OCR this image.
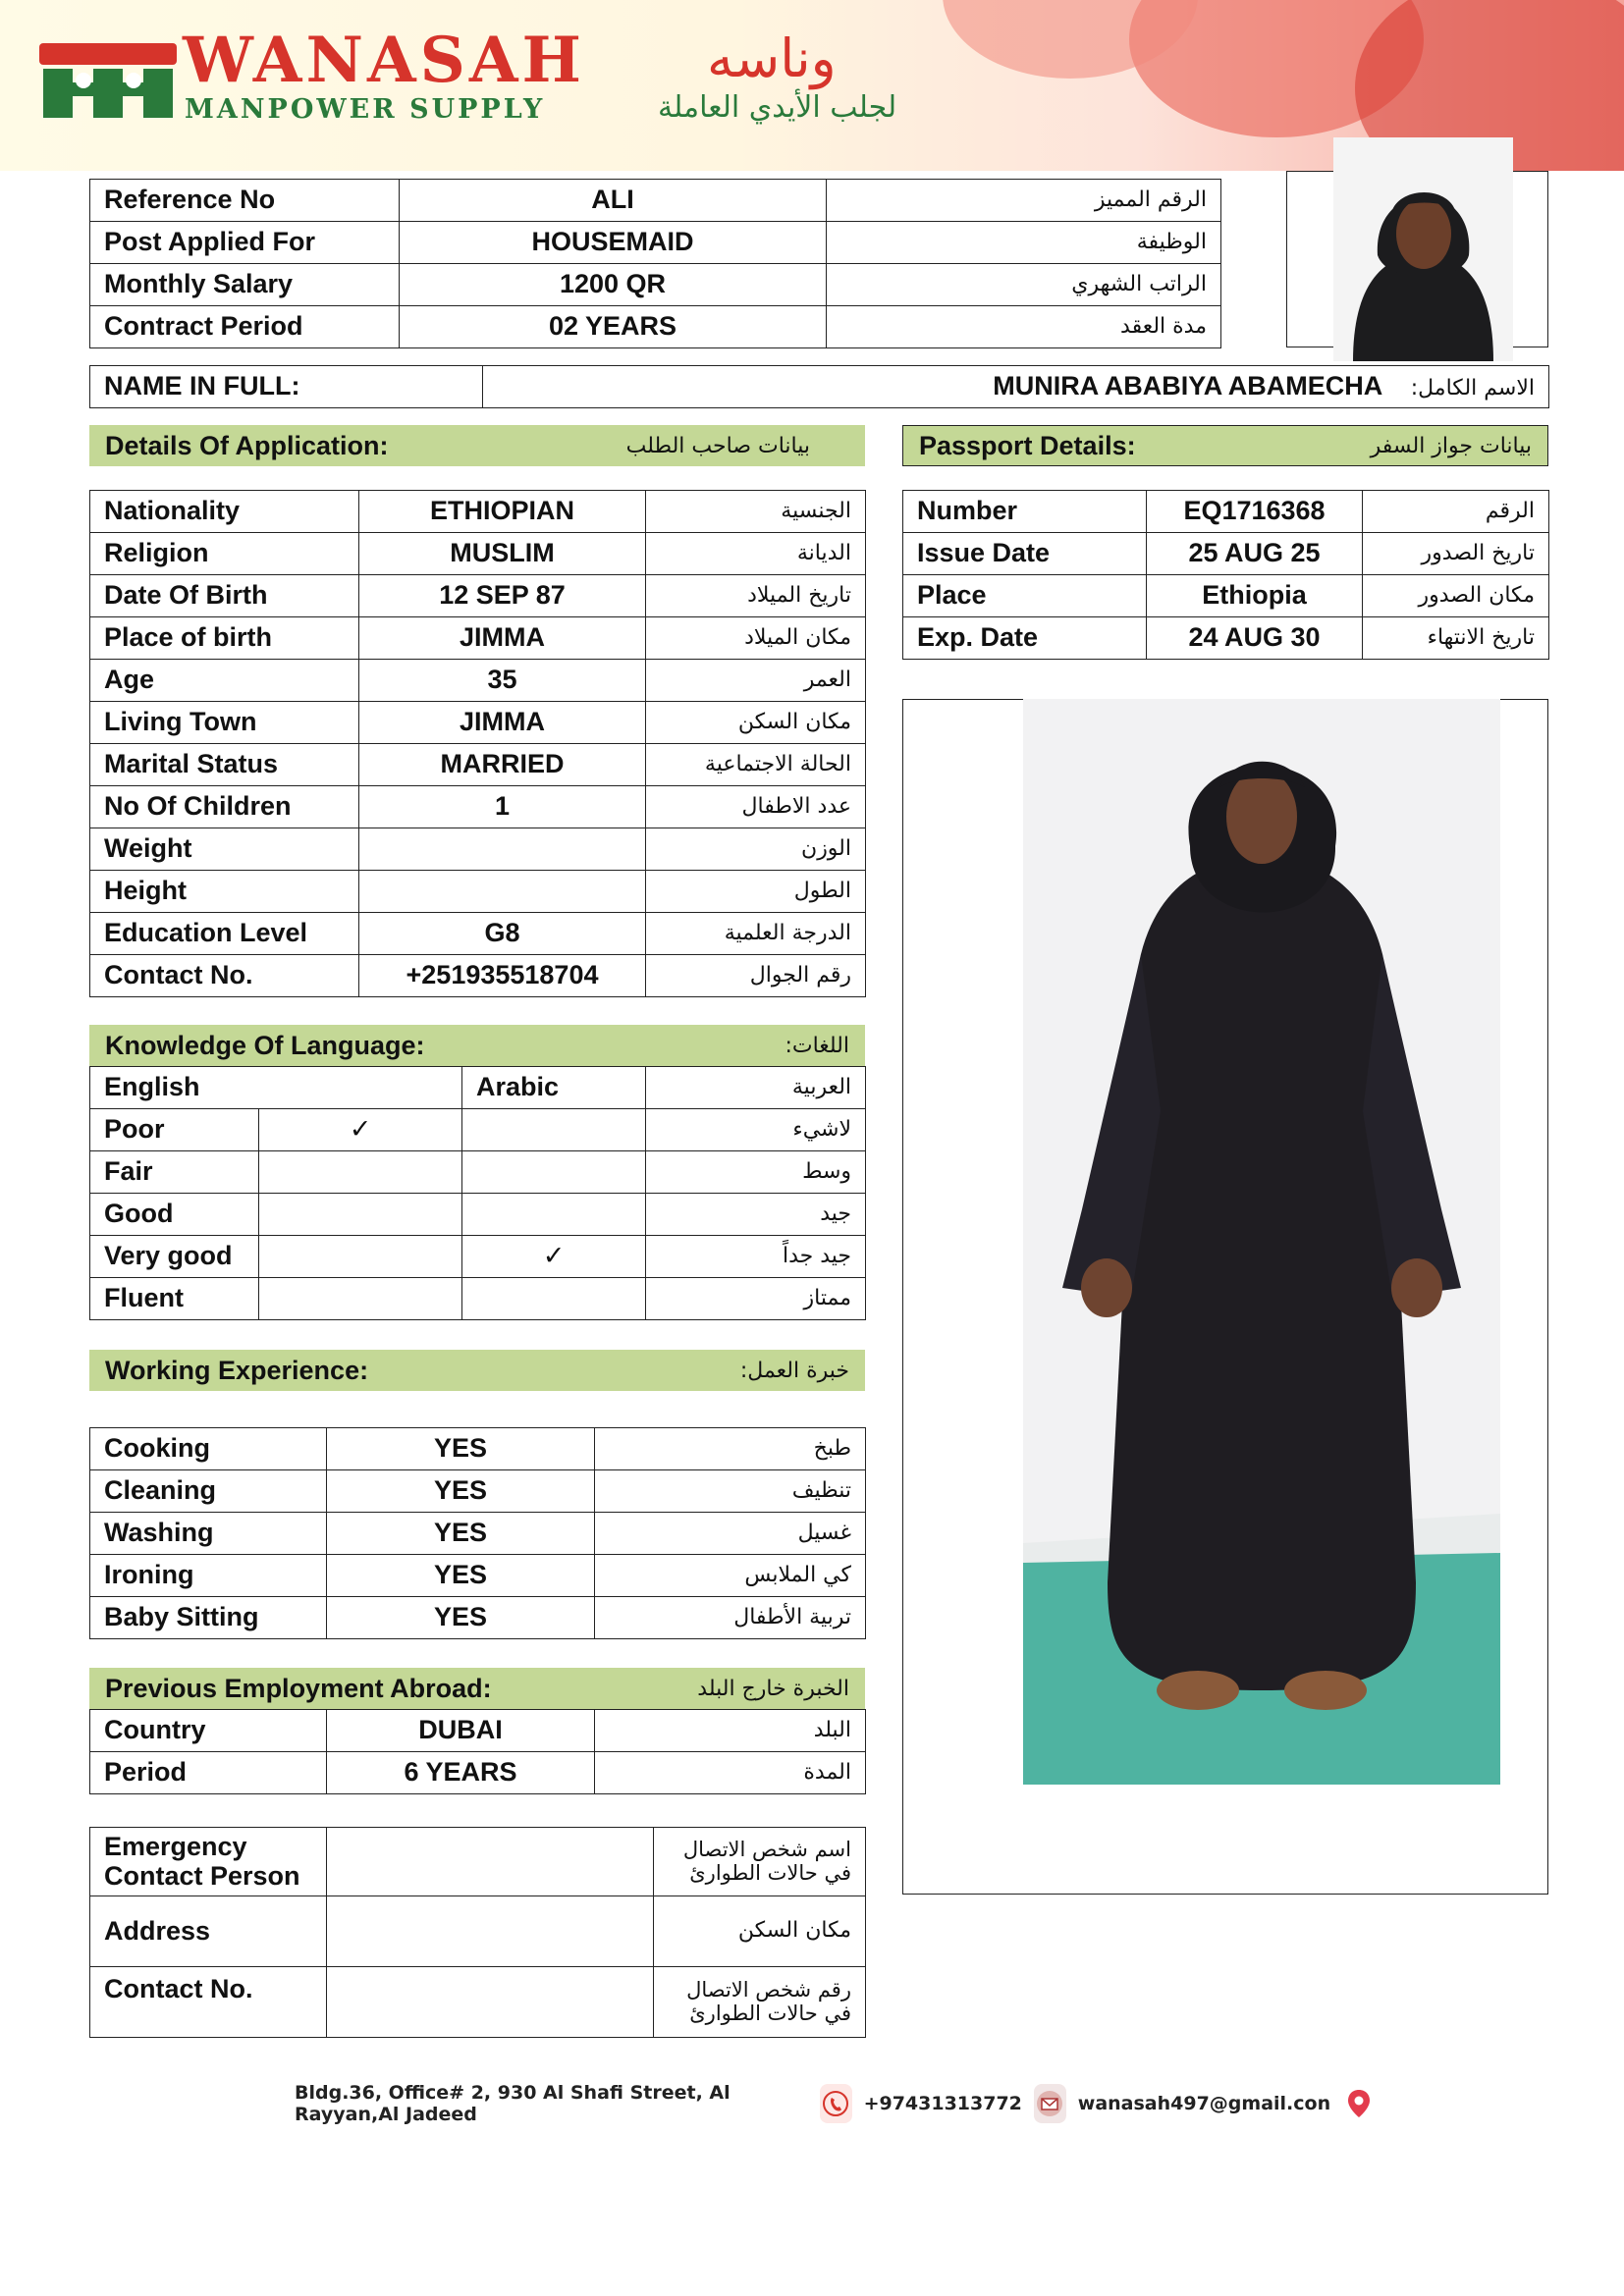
WANASAH وناسه
MANPOWER SUPPLY	لجلب الأيدي العاملة
Reference No	ALI	الرقم المميز
Post Applied For	HOUSEMAID	الوظيفة
Monthly Salary	1200 QR	الراتب الشهري
Contract Period	02 YEARS	مدة العقد
NAME IN FULL:	MUNIRA ABABIYA ABAMECHA الاسم الكامل:
Details Of Application:	بيانات صاحب الطلب	Passport Details:	بيانات جواز السفر
Nationality	ETHIOPIAN	الجنسية
Religion	MUSLIM	الديانة
Date Of Birth	12 SEP 87	تاريخ الميلاد
Place of birth	JIMMA	مكان الميلاد
Age	35	العمر
Living Town	JIMMA	مكان السكن
Marital Status	MARRIED	الحالة الاجتماعية
No Of Children	1	عدد الاطفال
Weight		الوزن
Height		الطول
Education Level	G8	الدرجة العلمية
Contact No.	+251935518704	رقم الجوال
Number	EQ1716368	الرقم
Issue Date	25 AUG 25	تاريخ الصدور
Place	Ethiopia	مكان الصدور
Exp. Date	24 AUG 30	تاريخ الانتهاء
Knowledge Of Language:	اللغات:
English		Arabic	العربية
Poor	✓		لاشيء
Fair			وسط
Good			جيد
Very good		✓	جيد جداً
Fluent			ممتاز
Working Experience:	خبرة العمل:
Cooking	YES	طبخ
Cleaning	YES	تنظيف
Washing	YES	غسيل
Ironing	YES	كي الملابس
Baby Sitting	YES	تربية الأطفال
Previous Employment Abroad:	الخبرة خارج البلد
Country	DUBAI	البلد
Period	6 YEARS	المدة
Emergency Contact Person		اسم شخص الاتصال في حالات الطوارئ
Address		مكان السكن
Contact No.		رقم شخص الاتصال في حالات الطوارئ
Bldg.36, Office# 2, 930 Al Shafi Street, Al Rayyan,Al Jadeed	+97431313772	wanasah497@gmail.con
